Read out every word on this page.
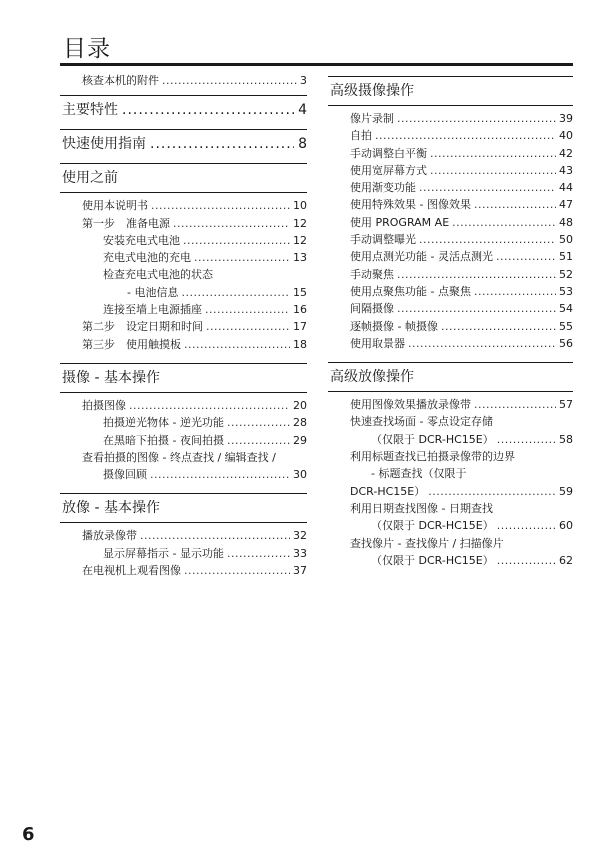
目录
核查本机的附件 .....	3
主要特性 .....	4
快速使用指南 .....	8
使用之前
使用本说明书 .....	10
第一步　准备电源 .....	12
安装充电式电池 .....	12
充电式电池的充电 .....	13
检查充电式电池的状态
- 电池信息 .....	15
连接至墙上电源插座 .....	16
第二步　设定日期和时间 .....	17
第三步　使用触摸板 .....	18
摄像 - 基本操作
拍摄图像 .....	20
拍摄逆光物体 - 逆光功能 .....	28
在黑暗下拍摄 - 夜间拍摄 .....	29
查看拍摄的图像 - 终点查找 / 编辑查找 /
摄像回顾 .....	30
放像 - 基本操作
播放录像带 .....	32
显示屏幕指示 - 显示功能 .....	33
在电视机上观看图像 .....	37
高级摄像操作
像片录制 .....	39
自拍 .....	40
手动调整白平衡 .....	42
使用宽屏幕方式 .....	43
使用渐变功能 .....	44
使用特殊效果 - 图像效果 .....	47
使用 PROGRAM AE .....	48
手动调整曝光 .....	50
使用点测光功能 - 灵活点测光 .....	51
手动聚焦 .....	52
使用点聚焦功能 - 点聚焦 .....	53
间隔摄像 .....	54
逐帧摄像 - 帧摄像 .....	55
使用取景器 .....	56
高级放像操作
使用图像效果播放录像带 .....	57
快速查找场面 - 零点设定存储
（仅限于 DCR-HC15E） .....	58
利用标题查找已拍摄录像带的边界
- 标题查找（仅限于
DCR-HC15E） .....	59
利用日期查找图像 - 日期查找
（仅限于 DCR-HC15E） .....	60
查找像片 - 查找像片 / 扫描像片
（仅限于 DCR-HC15E） .....	62
6
